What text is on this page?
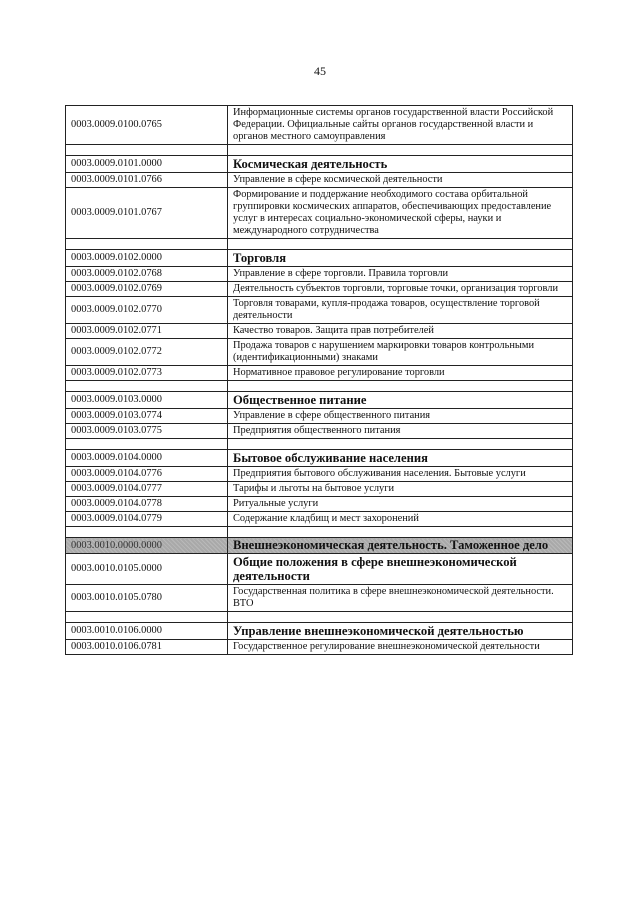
45
0003.0009.0100.0765	Информационные системы органов государственной власти Российской Федерации. Официальные сайты органов государственной власти и органов местного самоуправления

0003.0009.0101.0000	Космическая деятельность
0003.0009.0101.0766	Управление в сфере космической деятельности
0003.0009.0101.0767	Формирование и поддержание необходимого состава орбитальной группировки космических аппаратов, обеспечивающих предоставление услуг в интересах социально-экономической сферы, науки и международного сотрудничества

0003.0009.0102.0000	Торговля
0003.0009.0102.0768	Управление в сфере торговли. Правила торговли
0003.0009.0102.0769	Деятельность субъектов торговли, торговые точки, организация торговли
0003.0009.0102.0770	Торговля товарами, купля-продажа товаров, осуществление торговой деятельности
0003.0009.0102.0771	Качество товаров. Защита прав потребителей
0003.0009.0102.0772	Продажа товаров с нарушением маркировки товаров контрольными (идентификационными) знаками
0003.0009.0102.0773	Нормативное правовое регулирование торговли

0003.0009.0103.0000	Общественное питание
0003.0009.0103.0774	Управление в сфере общественного питания
0003.0009.0103.0775	Предприятия общественного питания

0003.0009.0104.0000	Бытовое обслуживание населения
0003.0009.0104.0776	Предприятия бытового обслуживания населения. Бытовые услуги
0003.0009.0104.0777	Тарифы и льготы на бытовое услуги
0003.0009.0104.0778	Ритуальные услуги
0003.0009.0104.0779	Содержание кладбищ и мест захоронений

0003.0010.0000.0000	Внешнеэкономическая деятельность. Таможенное дело
0003.0010.0105.0000	Общие положения в сфере внешнеэкономической деятельности
0003.0010.0105.0780	Государственная политика в сфере внешнеэкономической деятельности. ВТО

0003.0010.0106.0000	Управление внешнеэкономической деятельностью
0003.0010.0106.0781	Государственное регулирование внешнеэкономической деятельности
